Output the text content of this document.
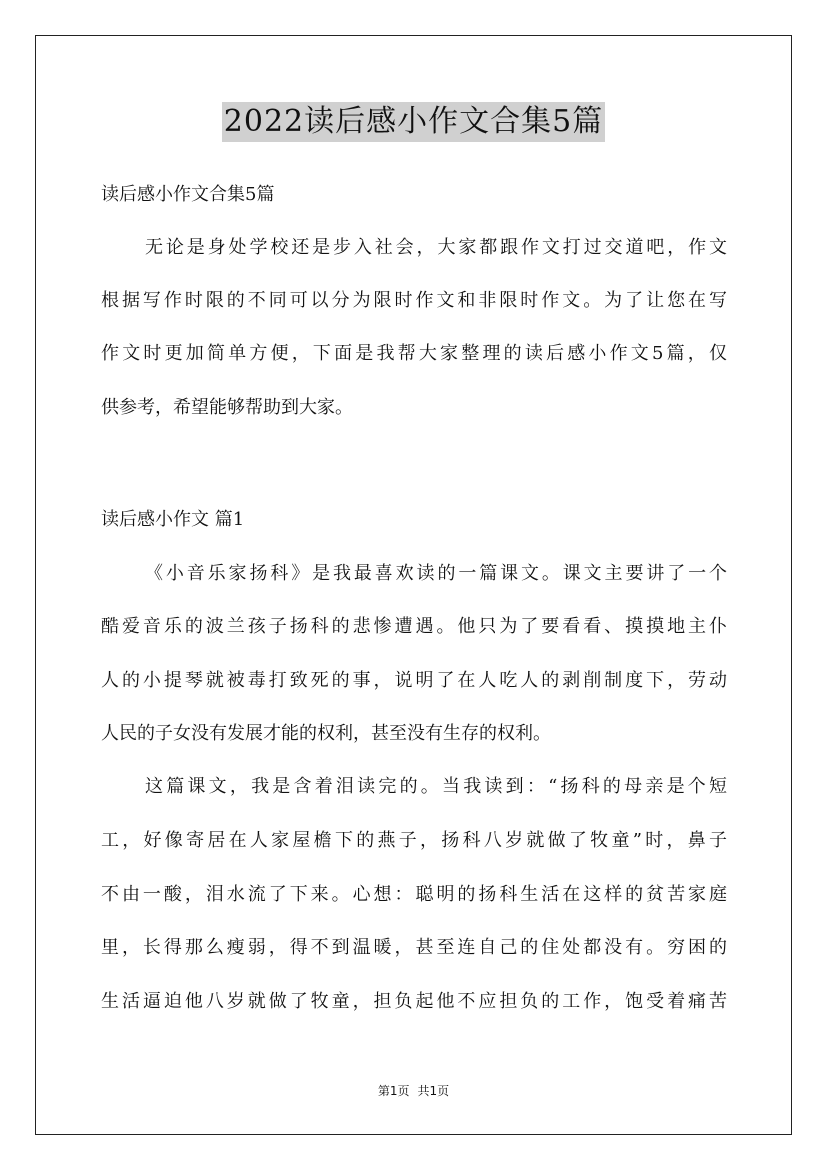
2022读后感小作文合集5篇
读后感小作文合集5篇
无论是身处学校还是步入社会，大家都跟作文打过交道吧，作文
根据写作时限的不同可以分为限时作文和非限时作文。为了让您在写
作文时更加简单方便，下面是我帮大家整理的读后感小作文5篇，仅
供参考，希望能够帮助到大家。
读后感小作文 篇1
《小音乐家扬科》是我最喜欢读的一篇课文。课文主要讲了一个
酷爱音乐的波兰孩子扬科的悲惨遭遇。他只为了要看看、摸摸地主仆
人的小提琴就被毒打致死的事，说明了在人吃人的剥削制度下，劳动
人民的子女没有发展才能的权利，甚至没有生存的权利。
这篇课文，我是含着泪读完的。当我读到：“扬科的母亲是个短
工，好像寄居在人家屋檐下的燕子，扬科八岁就做了牧童”时，鼻子
不由一酸，泪水流了下来。心想：聪明的扬科生活在这样的贫苦家庭
里，长得那么瘦弱，得不到温暖，甚至连自己的住处都没有。穷困的
生活逼迫他八岁就做了牧童，担负起他不应担负的工作，饱受着痛苦
第1页 共1页
